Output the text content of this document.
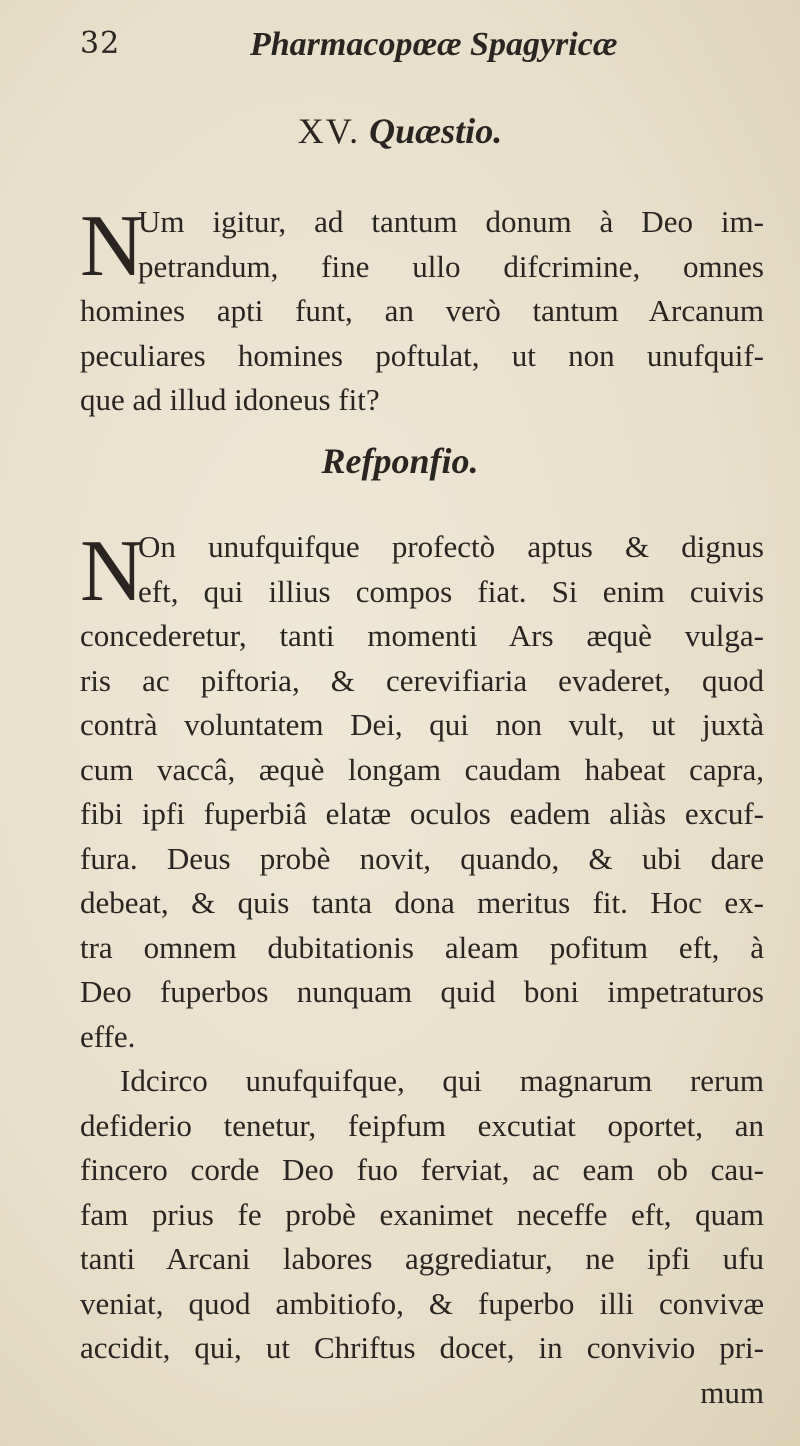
32	Pharmacopœæ Spagyricæ
XV. Quæstio.
N
Um igitur, ad tantum donum à Deo im-
petrandum, fine ullo difcrimine, omnes
homines apti funt, an verò tantum Arcanum
peculiares homines poftulat, ut non unufquif-
que ad illud idoneus fit?
Refponfio.
N
On unufquifque profectò aptus & dignus
eft, qui illius compos fiat. Si enim cuivis
concederetur, tanti momenti Ars æquè vulga-
ris ac piftoria, & cerevifiaria evaderet, quod
contrà voluntatem Dei, qui non vult, ut juxtà
cum vaccâ, æquè longam caudam habeat capra,
fibi ipfi fuperbiâ elatæ oculos eadem aliàs excuf-
fura. Deus probè novit, quando, & ubi dare
debeat, & quis tanta dona meritus fit. Hoc ex-
tra omnem dubitationis aleam pofitum eft, à
Deo fuperbos nunquam quid boni impetraturos
effe.
Idcirco unufquifque, qui magnarum rerum
defiderio tenetur, feipfum excutiat oportet, an
fincero corde Deo fuo ferviat, ac eam ob cau-
fam prius fe probè exanimet neceffe eft, quam
tanti Arcani labores aggrediatur, ne ipfi ufu
veniat, quod ambitiofo, & fuperbo illi convivæ
accidit, qui, ut Chriftus docet, in convivio pri-
mum
